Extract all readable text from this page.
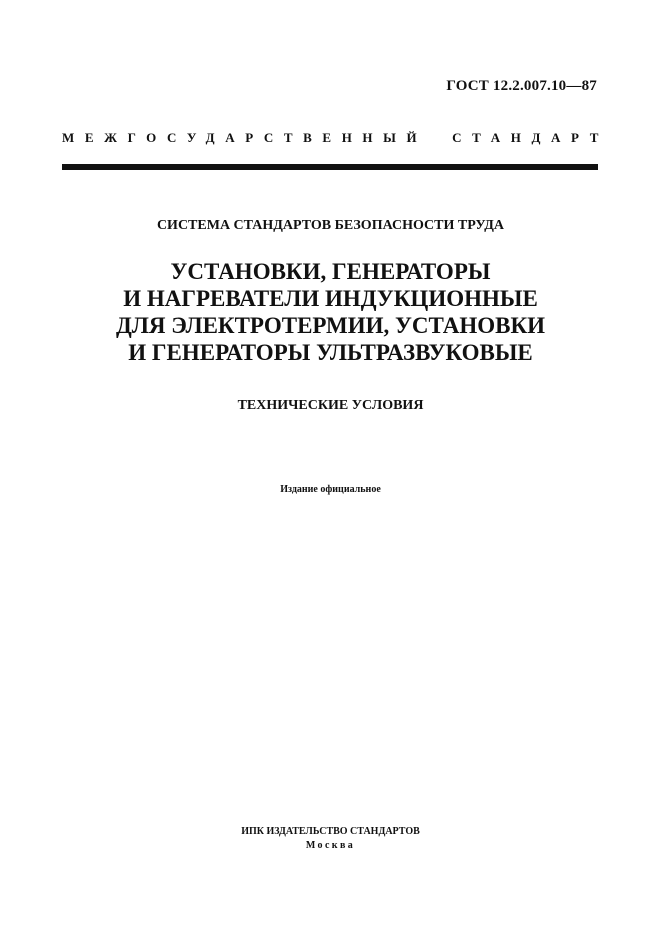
ГОСТ 12.2.007.10—87
МЕЖГОСУДАРСТВЕННЫЙ СТАНДАРТ
СИСТЕМА СТАНДАРТОВ БЕЗОПАСНОСТИ ТРУДА
УСТАНОВКИ, ГЕНЕРАТОРЫ
И НАГРЕВАТЕЛИ ИНДУКЦИОННЫЕ
ДЛЯ ЭЛЕКТРОТЕРМИИ, УСТАНОВКИ
И ГЕНЕРАТОРЫ УЛЬТРАЗВУКОВЫЕ
ТЕХНИЧЕСКИЕ УСЛОВИЯ
Издание официальное
ИПК ИЗДАТЕЛЬСТВО СТАНДАРТОВ
Москва
